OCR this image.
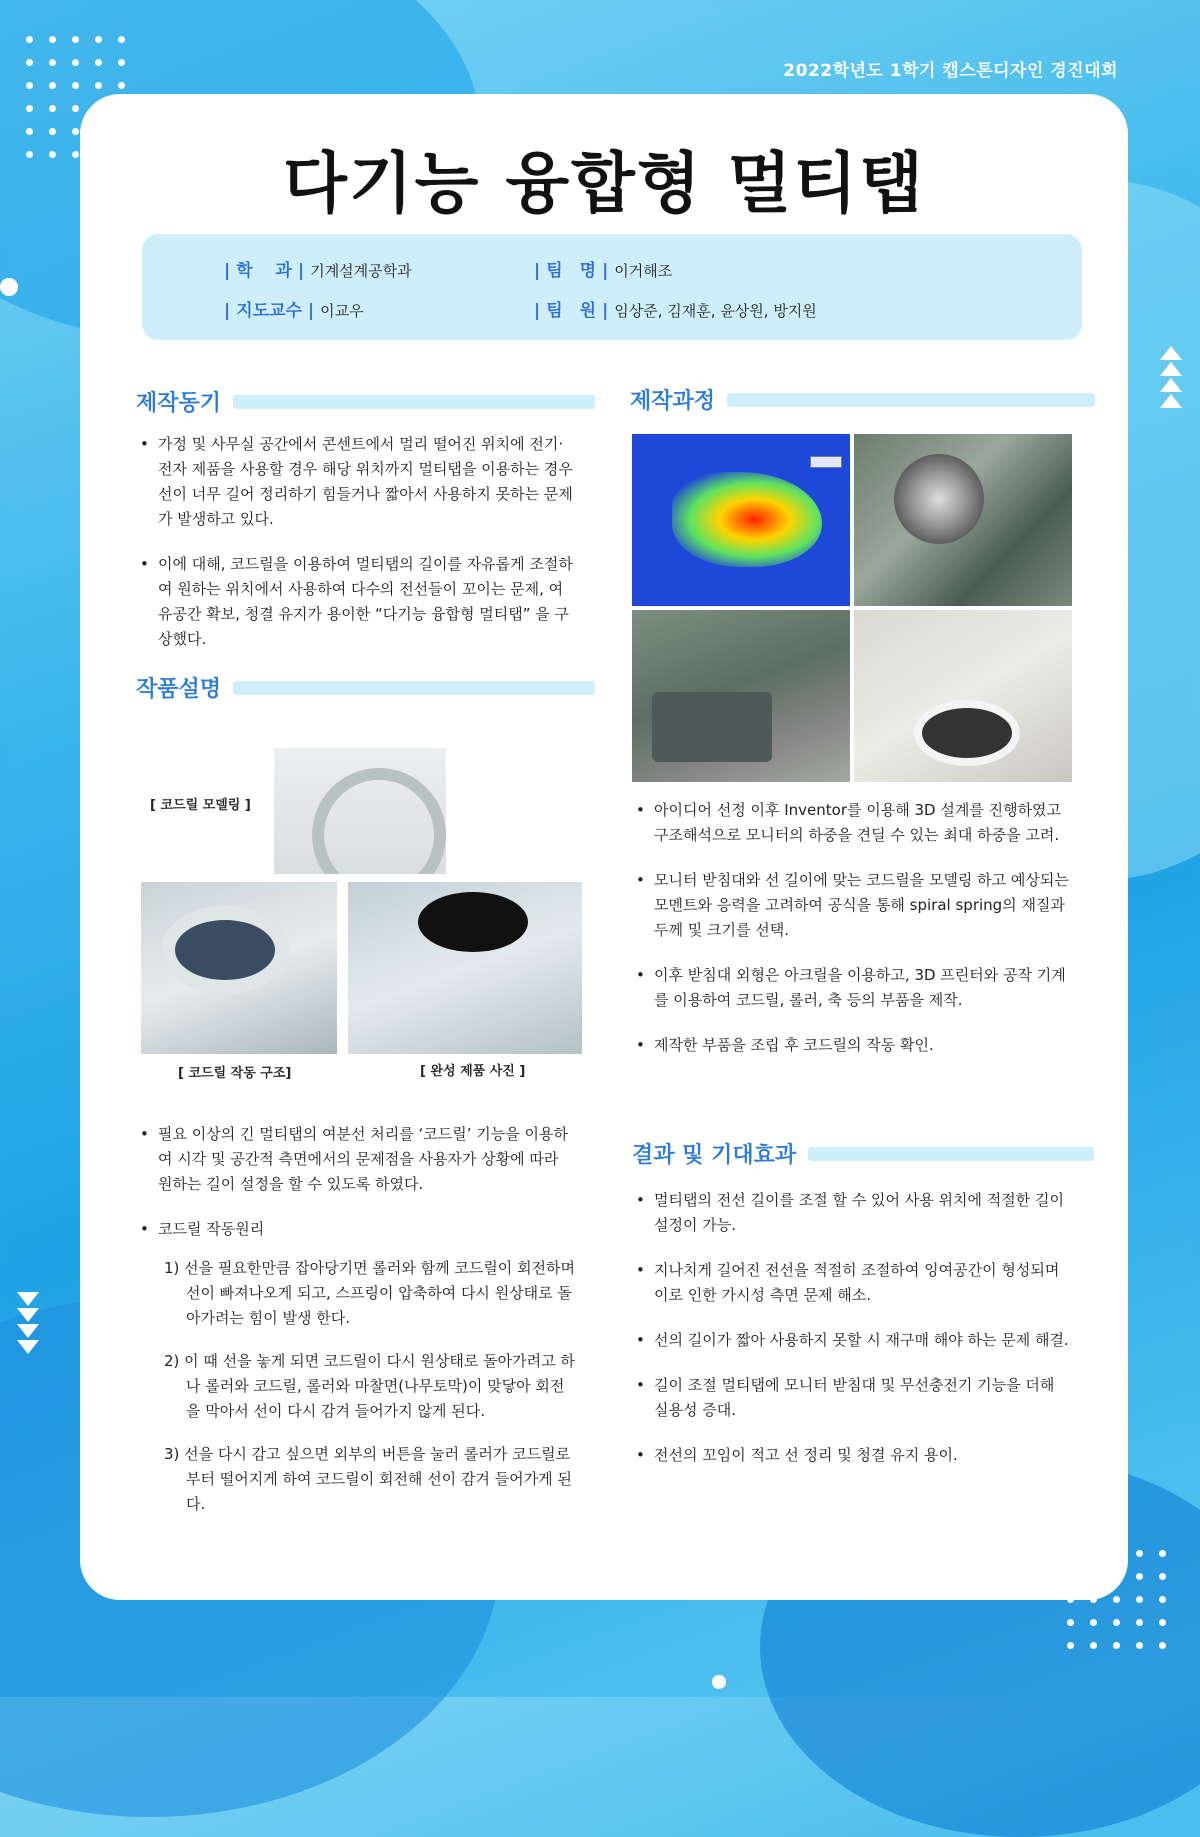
2022학년도 1학기 캡스톤디자인 경진대회
다기능 융합형 멀티탭
| 학　 과 | 기계설계공학과
| 지도교수 | 이교우
| 팀　명 | 이거해조
| 팀　원 | 임상준, 김재훈, 윤상원, 방지원
제작동기
• 가정 및 사무실 공간에서 콘센트에서 멀리 떨어진 위치에 전기·전자 제품을 사용할 경우 해당 위치까지 멀티탭을 이용하는 경우 선이 너무 길어 정리하기 힘들거나 짧아서 사용하지 못하는 문제가 발생하고 있다.
• 이에 대해, 코드릴을 이용하여 멀티탭의 길이를 자유롭게 조절하여 원하는 위치에서 사용하여 다수의 전선들이 꼬이는 문제, 여유공간 확보, 청결 유지가 용이한 “다기능 융합형 멀티탭” 을 구상했다.
작품설명
[ 코드릴 모델링 ]
[ 코드릴 작동 구조]	[ 완성 제품 사진 ]
• 필요 이상의 긴 멀티탭의 여분선 처리를 ‘코드릴’ 기능을 이용하여 시각 및 공간적 측면에서의 문제점을 사용자가 상황에 따라 원하는 길이 설정을 할 수 있도록 하였다.
• 코드릴 작동원리
1) 선을 필요한만큼 잡아당기면 롤러와 함께 코드릴이 회전하며 선이 빠져나오게 되고, 스프링이 압축하여 다시 원상태로 돌아가려는 힘이 발생 한다.
2) 이 때 선을 놓게 되면 코드릴이 다시 원상태로 돌아가려고 하나 롤러와 코드릴, 롤러와 마찰면(나무토막)이 맞닿아 회전을 막아서 선이 다시 감겨 들어가지 않게 된다.
3) 선을 다시 감고 싶으면 외부의 버튼을 눌러 롤러가 코드릴로부터 떨어지게 하여 코드릴이 회전해 선이 감겨 들어가게 된다.
제작과정
• 아이디어 선정 이후 Inventor를 이용해 3D 설계를 진행하였고 구조해석으로 모니터의 하중을 견딜 수 있는 최대 하중을 고려.
• 모니터 받침대와 선 길이에 맞는 코드릴을 모델링 하고 예상되는 모멘트와 응력을 고려하여 공식을 통해 spiral spring의 재질과 두께 및 크기를 선택.
• 이후 받침대 외형은 아크릴을 이용하고, 3D 프린터와 공작 기계를 이용하여 코드릴, 롤러, 축 등의 부품을 제작.
• 제작한 부품을 조립 후 코드릴의 작동 확인.
결과 및 기대효과
• 멀티탭의 전선 길이를 조절 할 수 있어 사용 위치에 적절한 길이 설정이 가능.
• 지나치게 길어진 전선을 적절히 조절하여 잉여공간이 형성되며 이로 인한 가시성 측면 문제 해소.
• 선의 길이가 짧아 사용하지 못할 시 재구매 해야 하는 문제 해결.
• 길이 조절 멀티탭에 모니터 받침대 및 무선충전기 기능을 더해 실용성 증대.
• 전선의 꼬임이 적고 선 정리 및 청결 유지 용이.
